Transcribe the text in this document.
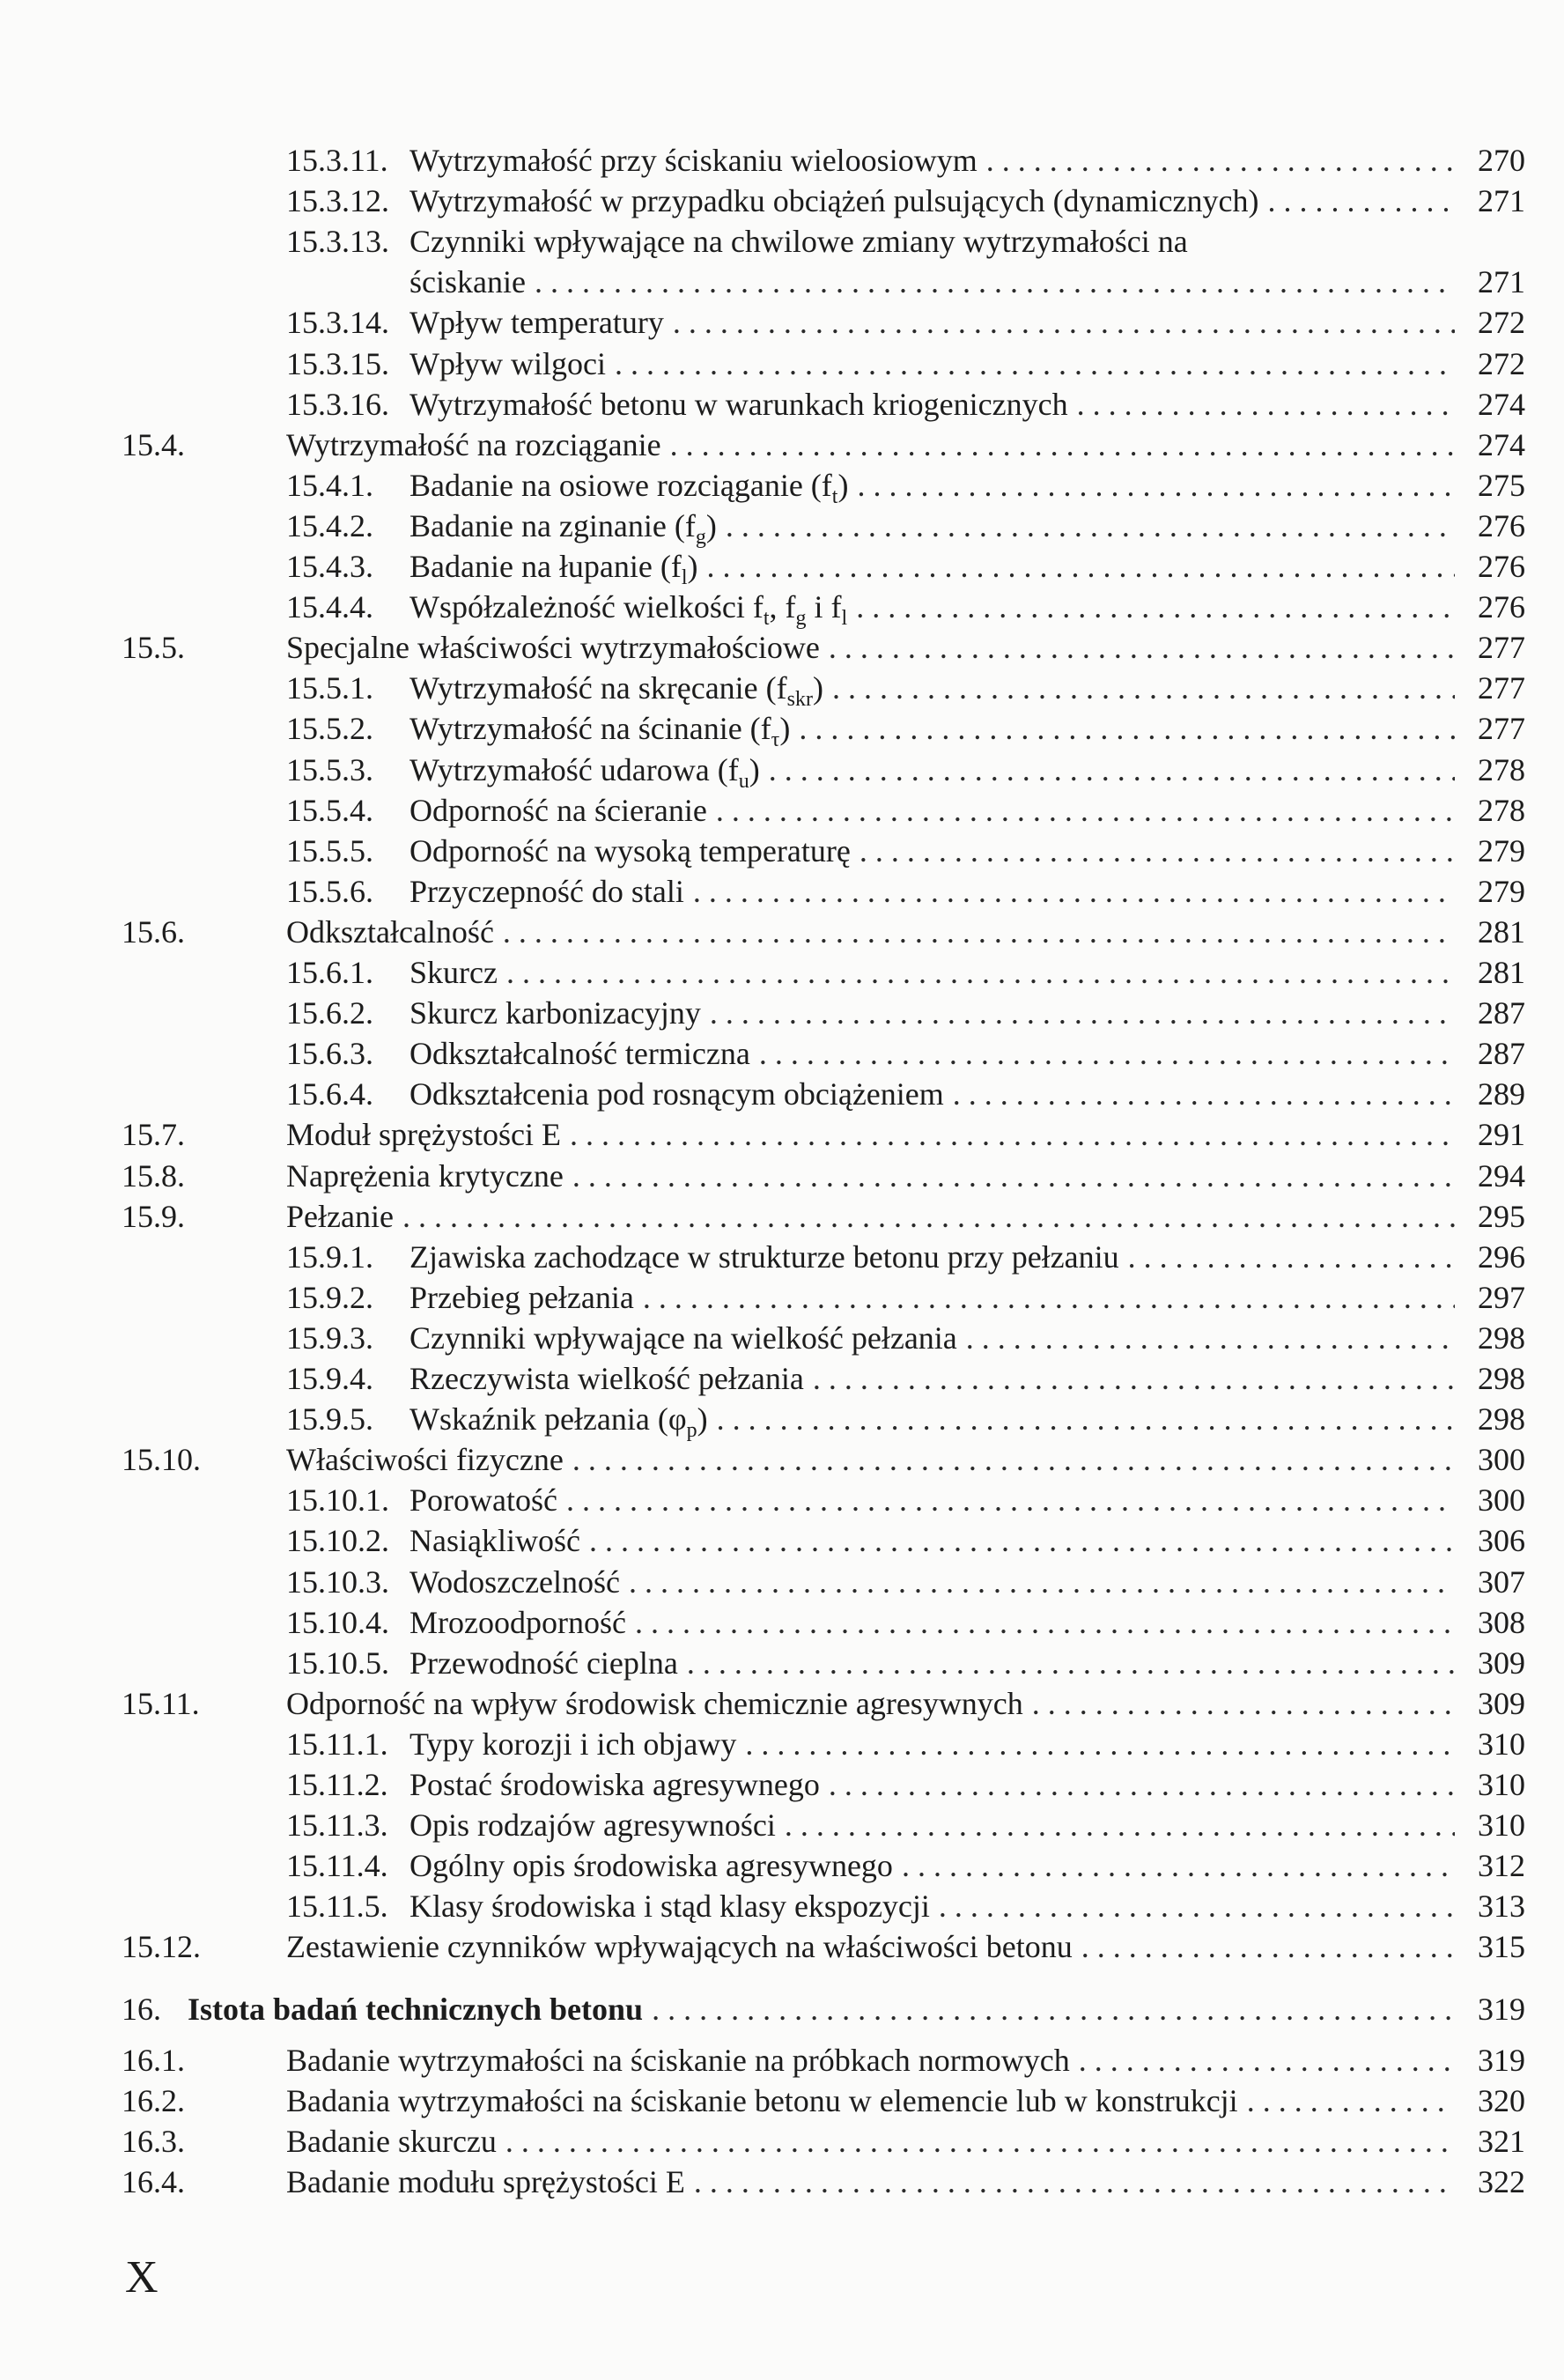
15.3.11. Wytrzymałość przy ściskaniu wieloosiowym . . .	270
15.3.12. Wytrzymałość w przypadku obciążeń pulsujących (dynamicznych) . . .	271
15.3.13. Czynniki wpływające na chwilowe zmiany wytrzymałości na
ściskanie . . .	271
15.3.14. Wpływ temperatury . . .	272
15.3.15. Wpływ wilgoci . . .	272
15.3.16. Wytrzymałość betonu w warunkach kriogenicznych . . .	274
15.4.	Wytrzymałość na rozciąganie . . .	274
15.4.1.	Badanie na osiowe rozciąganie $(f_t)$ . . .	275
15.4.2.	Badanie na zginanie $(f_g)$ . . .	276
15.4.3.	Badanie na łupanie $(f_l)$ . . .	276
15.4.4.	Współzależność wielkości $f_t$, $f_g$ i $f_l$ . . .	276
15.5.	Specjalne właściwości wytrzymałościowe . . .	277
15.5.1.	Wytrzymałość na skręcanie $(f_{skr})$ . . .	277
15.5.2.	Wytrzymałość na ścinanie $(f_\tau)$ . . .	277
15.5.3.	Wytrzymałość udarowa $(f_u)$ . . .	278
15.5.4.	Odporność na ścieranie . . .	278
15.5.5.	Odporność na wysoką temperaturę . . .	279
15.5.6.	Przyczepność do stali . . .	279
15.6.	Odkształcalność . . .	281
15.6.1.	Skurcz . . .	281
15.6.2.	Skurcz karbonizacyjny . . .	287
15.6.3.	Odkształcalność termiczna . . .	287
15.6.4.	Odkształcenia pod rosnącym obciążeniem . . .	289
15.7.	Moduł sprężystości E . . .	291
15.8.	Naprężenia krytyczne . . .	294
15.9.	Pełzanie . . .	295
15.9.1.	Zjawiska zachodzące w strukturze betonu przy pełzaniu . . .	296
15.9.2.	Przebieg pełzania . . .	297
15.9.3.	Czynniki wpływające na wielkość pełzania . . .	298
15.9.4.	Rzeczywista wielkość pełzania . . .	298
15.9.5.	Wskaźnik pełzania $(\varphi_p)$ . . .	298
15.10.	Właściwości fizyczne . . .	300
15.10.1. Porowatość . . .	300
15.10.2. Nasiąkliwość . . .	306
15.10.3. Wodoszczelność . . .	307
15.10.4. Mrozoodporność . . .	308
15.10.5. Przewodność cieplna . . .	309
15.11.	Odporność na wpływ środowisk chemicznie agresywnych . . .	309
15.11.1. Typy korozji i ich objawy . . .	310
15.11.2. Postać środowiska agresywnego . . .	310
15.11.3. Opis rodzajów agresywności . . .	310
15.11.4. Ogólny opis środowiska agresywnego . . .	312
15.11.5. Klasy środowiska i stąd klasy ekspozycji . . .	313
15.12.	Zestawienie czynników wpływających na właściwości betonu . . .	315
16. Istota badań technicznych betonu . . .	319
16.1.	Badanie wytrzymałości na ściskanie na próbkach normowych . . .	319
16.2.	Badania wytrzymałości na ściskanie betonu w elemencie lub w konstrukcji . . .	320
16.3.	Badanie skurczu . . .	321
16.4.	Badanie modułu sprężystości E . . .	322
X
